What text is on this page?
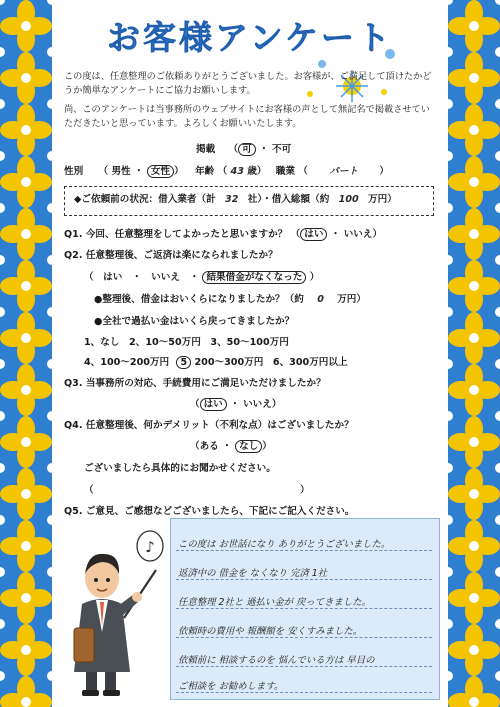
お客様アンケート
この度は、任意整理のご依頼ありがとうございました。お客様が、ご満足して頂けたかど
うか簡単なアンケートにご協力お願いします。
尚、このアンケートは当事務所のウェブサイトにお客様の声として無記名で掲載させてい
ただきたいと思っています。よろしくお願いいたします。
掲載 （ 可 ・ 不可
性別 （ 男性 ・ 女性 ） 年齢 （ 43 歳） 職業 （ パート ）
◆ご依頼前の状況：借入業者（計 32 社）・借入総額（約 100 万円）
Q1. 今回、任意整理をしてよかったと思いますか？ （ はい ・ いいえ）
Q2. 任意整理後、ご返済は楽になられましたか？
（　はい　・　いいえ　・ 結果借金がなくなった ）
●整理後、借金はおいくらになりましたか？（約 0 万円）
●全社で過払い金はいくら戻ってきましたか？
1、なし　2、10～50万円　3、50～100万円
4、100～200万円 5 200～300万円　6、300万円以上
Q3. 当事務所の対応、手続費用にご満足いただけましたか？
（ はい ・ いいえ）
Q4. 任意整理後、何かデメリット（不利な点）はございましたか？
（ある ・ なし ）
ございましたら具体的にお聞かせください。
（	）
Q5. ご意見、ご感想などございましたら、下記にご記入ください。
この度は お世話になり ありがとうございました。
返済中の 借金を なくなり 完済 1社
任意整理 2社と 過払い金が 戻ってきました。
依頼時の費用や 報酬額を 安くすみました。
依頼前に 相談するのを 悩んでいる方は 早目の
ご相談を お勧めします。
♪
